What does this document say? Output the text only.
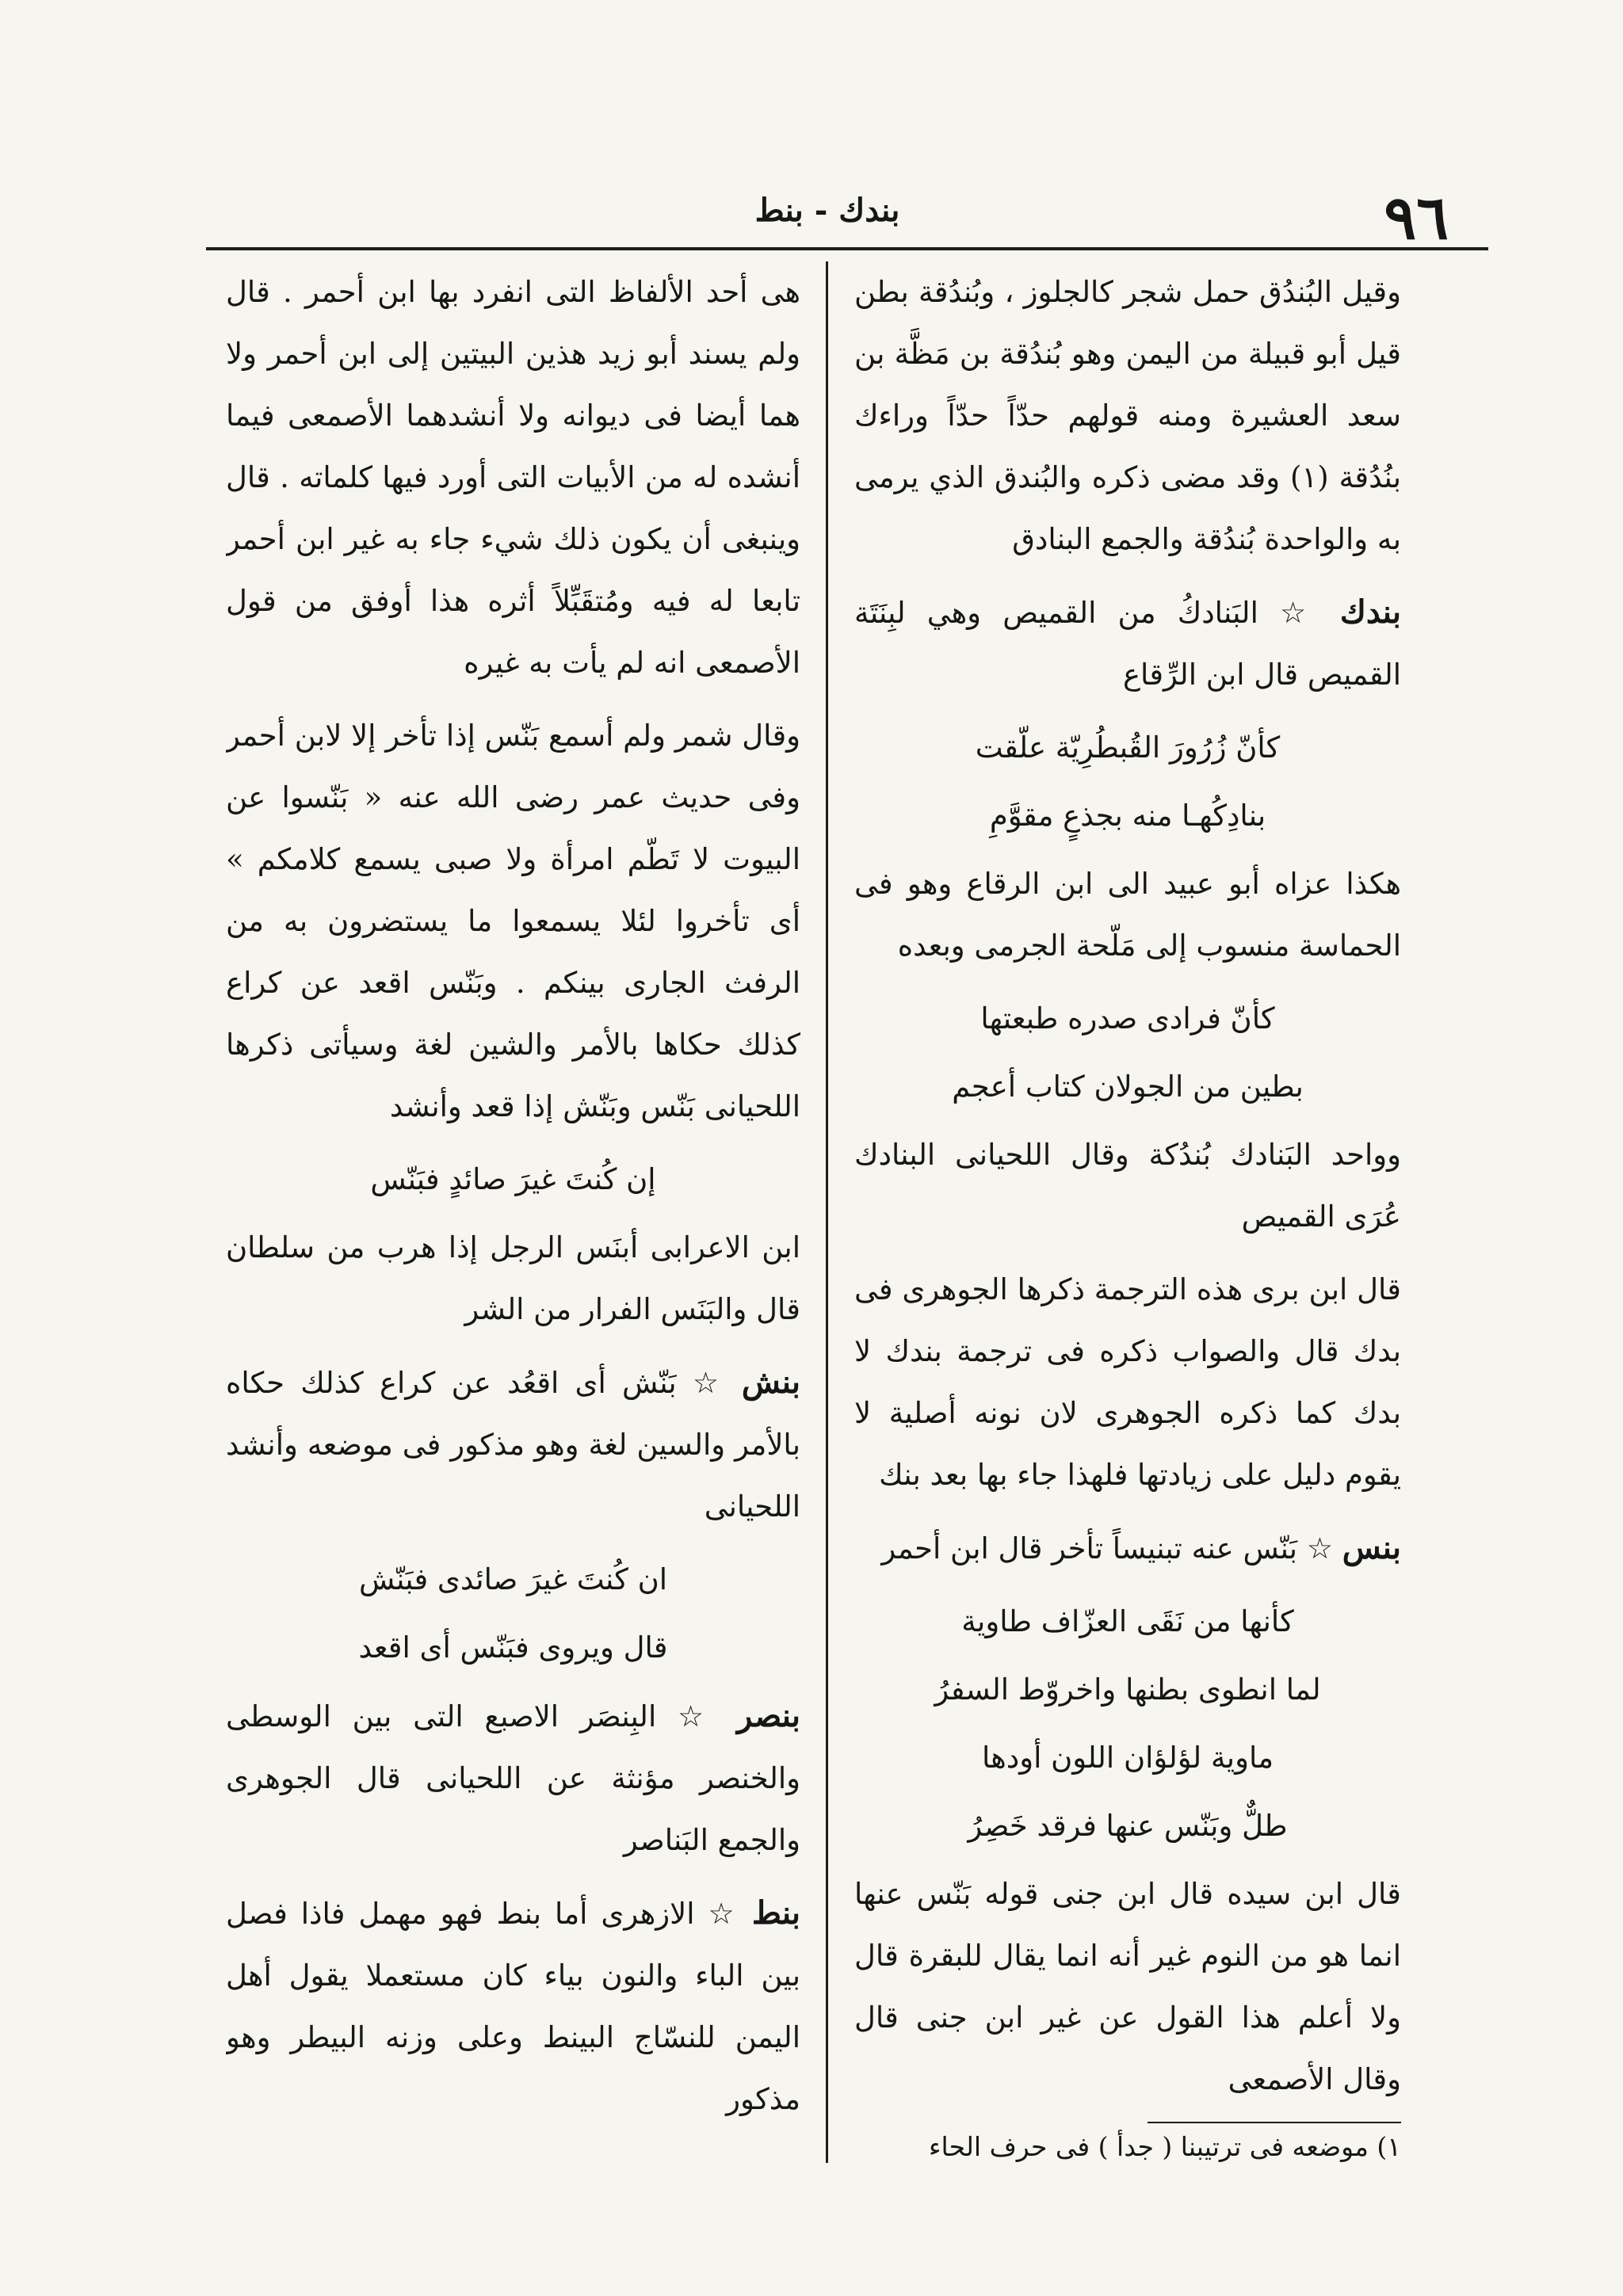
٩٦
بندك - بنط

وقيل البُندُق حمل شجر كالجلوز ، وبُندُقة بطن قيل أبو قبيلة من اليمن وهو بُندُقة بن مَظَّة بن سعد العشيرة ومنه قولهم حدّاً حدّاً وراءك بنُدُقة (١) وقد مضى ذكره والبُندق الذي يرمى به والواحدة بُندُقة والجمع البنادق

بندك ☆ البَنادكُ من القميص وهي لبِنَتَة القميص قال ابن الرِّقاع

كأنّ زُرُورَ القُبطُرِيّة علّقت
بنادِكُهـا منه بجذعٍ مقوَّمِ

هكذا عزاه أبو عبيد الى ابن الرقاع وهو فى الحماسة منسوب إلى مَلّحة الجرمى وبعده

كأنّ فرادى صدره طبعتها
بطين من الجولان كتاب أعجم

وواحد البَنادك بُندُكة وقال اللحيانى البنادك عُرَى القميص

قال ابن برى هذه الترجمة ذكرها الجوهرى فى بدك قال والصواب ذكره فى ترجمة بندك لا بدك كما ذكره الجوهرى لان نونه أصلية لا يقوم دليل على زيادتها فلهذا جاء بها بعد بنك

بنس ☆ بَنّس عنه تبنيساً تأخر قال ابن أحمر

كأنها من نَقَى العزّاف طاوية
لما انطوى بطنها واخروّط السفرُ
ماوية لؤلؤان اللون أودها
طلٌّ وبَنّس عنها فرقد خَصِرُ

قال ابن سيده قال ابن جنى قوله بَنّس عنها انما هو من النوم غير أنه انما يقال للبقرة قال ولا أعلم هذا القول عن غير ابن جنى قال وقال الأصمعى

١) موضعه فى ترتيبنا ( جدأ ) فى حرف الحاء

هى أحد الألفاظ التى انفرد بها ابن أحمر . قال ولم يسند أبو زيد هذين البيتين إلى ابن أحمر ولا هما أيضا فى ديوانه ولا أنشدهما الأصمعى فيما أنشده له من الأبيات التى أورد فيها كلماته . قال وينبغى أن يكون ذلك شيء جاء به غير ابن أحمر تابعا له فيه ومُتقَبِّلاً أثره هذا أوفق من قول الأصمعى انه لم يأت به غيره

وقال شمر ولم أسمع بَنّس إذا تأخر إلا لابن أحمر وفى حديث عمر رضى الله عنه « بَنّسوا عن البيوت لا تَطّم امرأة ولا صبى يسمع كلامكم » أى تأخروا لئلا يسمعوا ما يستضرون به من الرفث الجارى بينكم . وبَنّس اقعد عن كراع كذلك حكاها بالأمر والشين لغة وسيأتى ذكرها اللحيانى بَنّس وبَنّش إذا قعد وأنشد

إن كُنتَ غيرَ صائدٍ فبَنّس

ابن الاعرابى أبنَس الرجل إذا هرب من سلطان قال والبَنَس الفرار من الشر

بنش ☆ بَنّش أى اقعُد عن كراع كذلك حكاه بالأمر والسين لغة وهو مذكور فى موضعه وأنشد اللحيانى

ان كُنتَ غيرَ صائدى فبَنّش
قال ويروى فبَنّس أى اقعد

بنصر ☆ البِنصَر الاصبع التى بين الوسطى والخنصر مؤنثة عن اللحيانى قال الجوهرى والجمع البَناصر

بنط ☆ الازهرى أما بنط فهو مهمل فاذا فصل بين الباء والنون بياء كان مستعملا يقول أهل اليمن للنسّاج البينط وعلى وزنه البيطر وهو مذكور
